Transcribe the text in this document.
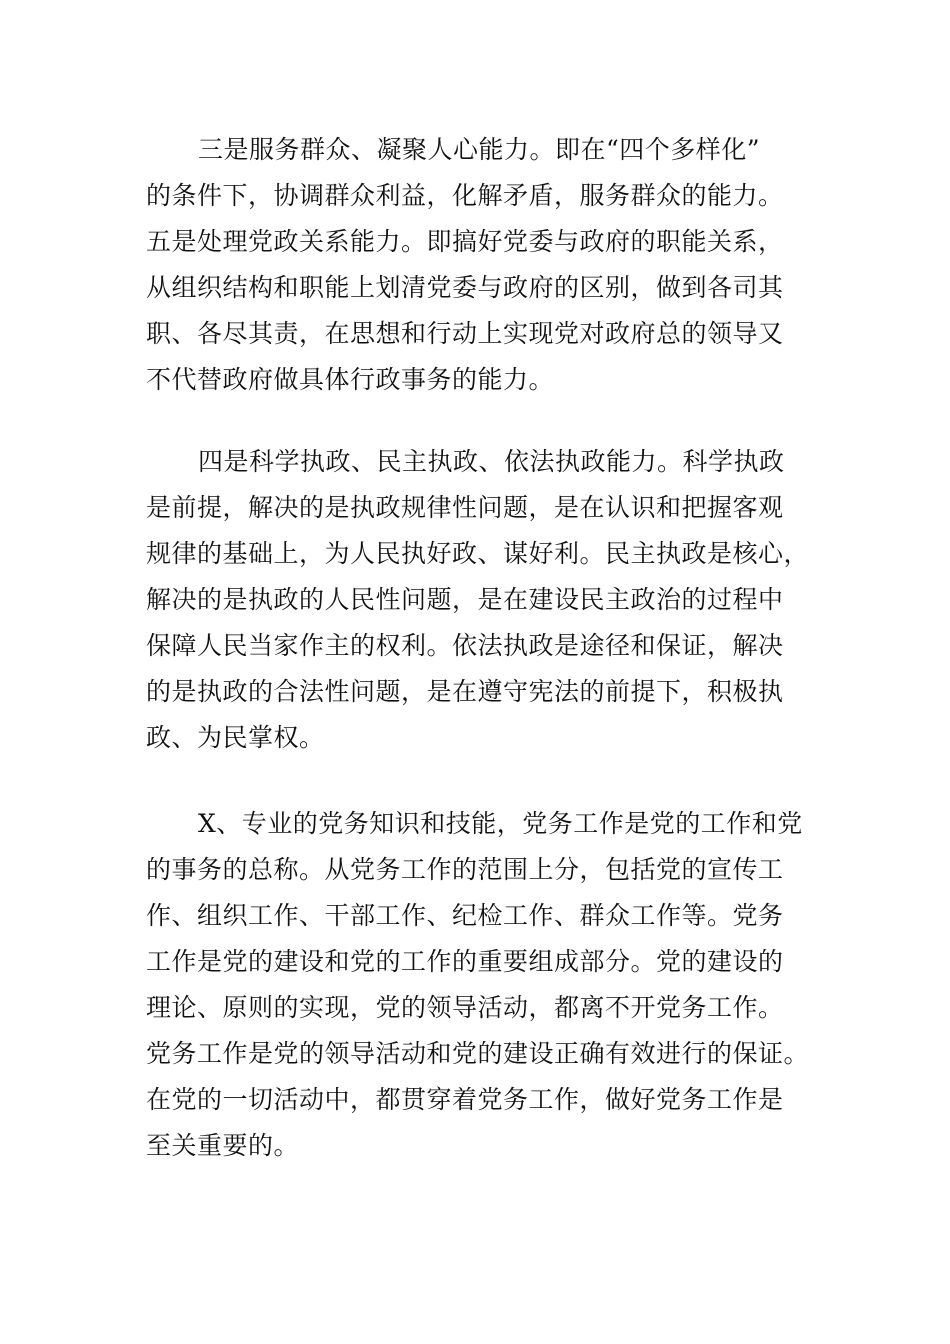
三是服务群众、凝聚人心能力。即在“四个多样化”
的条件下，协调群众利益，化解矛盾，服务群众的能力。
五是处理党政关系能力。即搞好党委与政府的职能关系，
从组织结构和职能上划清党委与政府的区别，做到各司其
职、各尽其责，在思想和行动上实现党对政府总的领导又
不代替政府做具体行政事务的能力。
四是科学执政、民主执政、依法执政能力。科学执政
是前提，解决的是执政规律性问题，是在认识和把握客观
规律的基础上，为人民执好政、谋好利。民主执政是核心，
解决的是执政的人民性问题，是在建设民主政治的过程中
保障人民当家作主的权利。依法执政是途径和保证，解决
的是执政的合法性问题，是在遵守宪法的前提下，积极执
政、为民掌权。
X、专业的党务知识和技能，党务工作是党的工作和党
的事务的总称。从党务工作的范围上分，包括党的宣传工
作、组织工作、干部工作、纪检工作、群众工作等。党务
工作是党的建设和党的工作的重要组成部分。党的建设的
理论、原则的实现，党的领导活动，都离不开党务工作。
党务工作是党的领导活动和党的建设正确有效进行的保证。
在党的一切活动中，都贯穿着党务工作，做好党务工作是
至关重要的。
